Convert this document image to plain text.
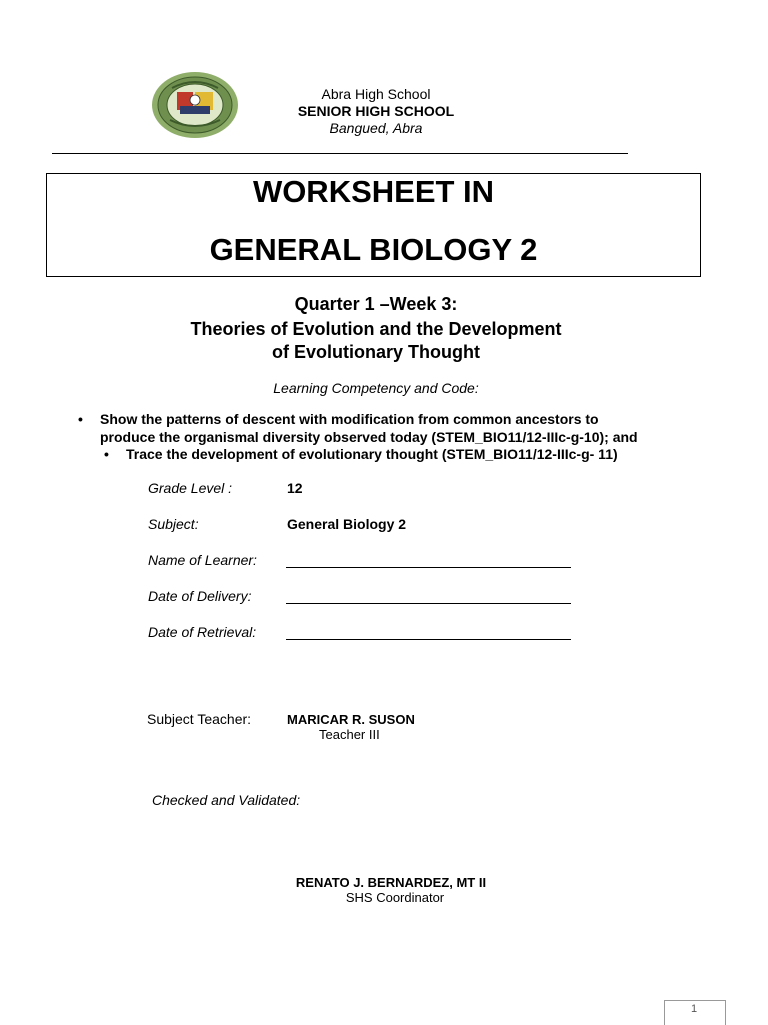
Abra High School
SENIOR HIGH SCHOOL
Bangued, Abra
WORKSHEET IN
GENERAL BIOLOGY 2
Quarter 1 –Week 3:
Theories of Evolution and the Development
of Evolutionary Thought
Learning Competency and Code:
• Show the patterns of descent with modification from common ancestors to
produce the organismal diversity observed today (STEM_BIO11/12-IIIc-g-10); and
• Trace the development of evolutionary thought (STEM_BIO11/12-IIIc-g- 11)
Grade Level :	12
Subject:	General Biology 2
Name of Learner:
Date of Delivery:
Date of Retrieval:
Subject Teacher:	MARICAR R. SUSON
Teacher III
Checked and Validated:
RENATO J. BERNARDEZ, MT II
SHS Coordinator
1
